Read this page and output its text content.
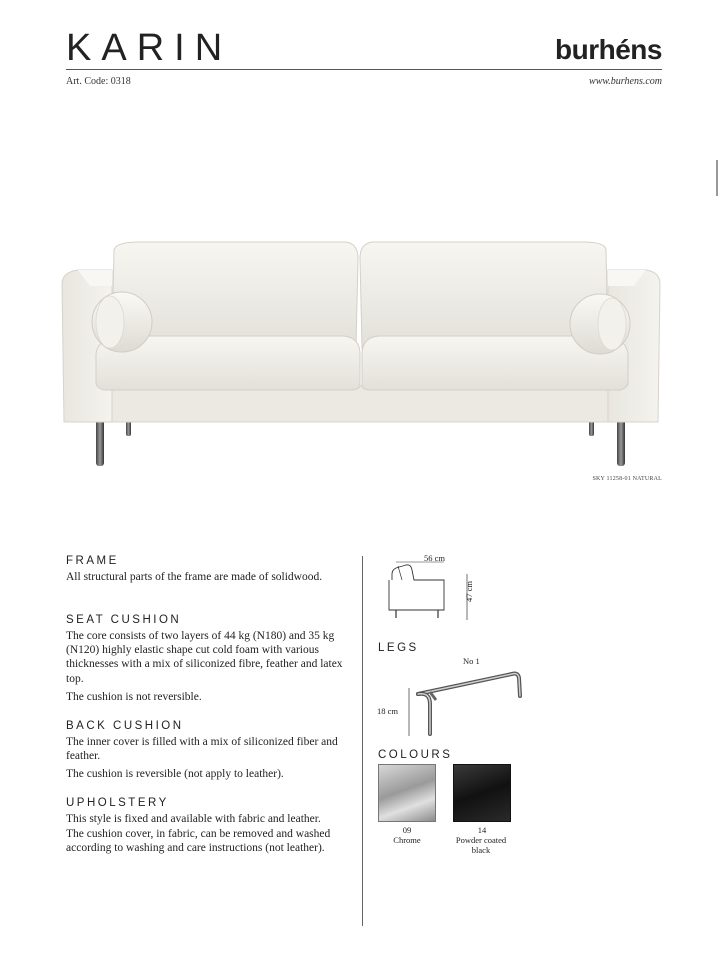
KARIN	burhéns
Art. Code: 0318	www.burhens.com
SKY 11258-01 NATURAL
FRAME
All structural parts of the frame are made of solidwood.
SEAT CUSHION
The core consists of two layers of 44 kg (N180) and 35 kg (N120) highly elastic shape cut cold foam with various thicknesses with a mix of siliconized fibre, feather and latex top.
The cushion is not reversible.
BACK CUSHION
The inner cover is filled with a mix of siliconized fiber and feather.
The cushion is reversible (not apply to leather).
UPHOLSTERY
This style is fixed and available with fabric and leather.
The cushion cover, in fabric, can be removed and washed according to washing and care instructions (not leather).
56 cm
47 cm
LEGS
No 1
18 cm
COLOURS
09
Chrome
14
Powder coated black
